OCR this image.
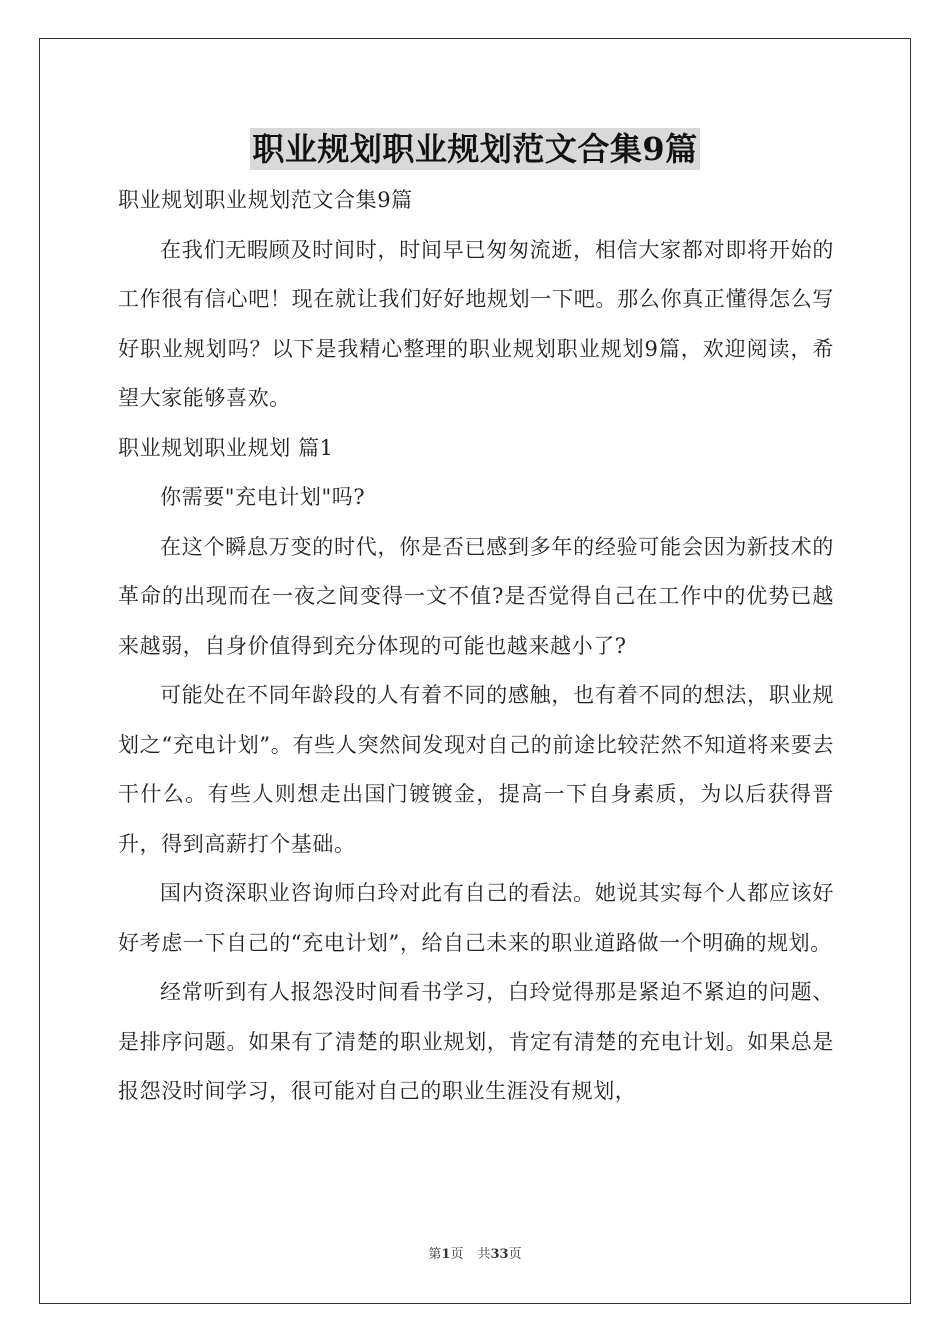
职业规划职业规划范文合集9篇

职业规划职业规划范文合集9篇

在我们无暇顾及时间时，时间早已匆匆流逝，相信大家都对即将开始的工作很有信心吧！现在就让我们好好地规划一下吧。那么你真正懂得怎么写好职业规划吗？以下是我精心整理的职业规划职业规划9篇，欢迎阅读，希望大家能够喜欢。

职业规划职业规划 篇1

你需要"充电计划"吗?

在这个瞬息万变的时代，你是否已感到多年的经验可能会因为新技术的革命的出现而在一夜之间变得一文不值?是否觉得自己在工作中的优势已越来越弱，自身价值得到充分体现的可能也越来越小了?

可能处在不同年龄段的人有着不同的感触，也有着不同的想法，职业规划之“充电计划”。有些人突然间发现对自己的前途比较茫然不知道将来要去干什么。有些人则想走出国门镀镀金，提高一下自身素质，为以后获得晋升，得到高薪打个基础。

国内资深职业咨询师白玲对此有自己的看法。她说其实每个人都应该好好考虑一下自己的“充电计划”，给自己未来的职业道路做一个明确的规划。

经常听到有人报怨没时间看书学习，白玲觉得那是紧迫不紧迫的问题、是排序问题。如果有了清楚的职业规划，肯定有清楚的充电计划。如果总是报怨没时间学习，很可能对自己的职业生涯没有规划，

第1页 共33页
